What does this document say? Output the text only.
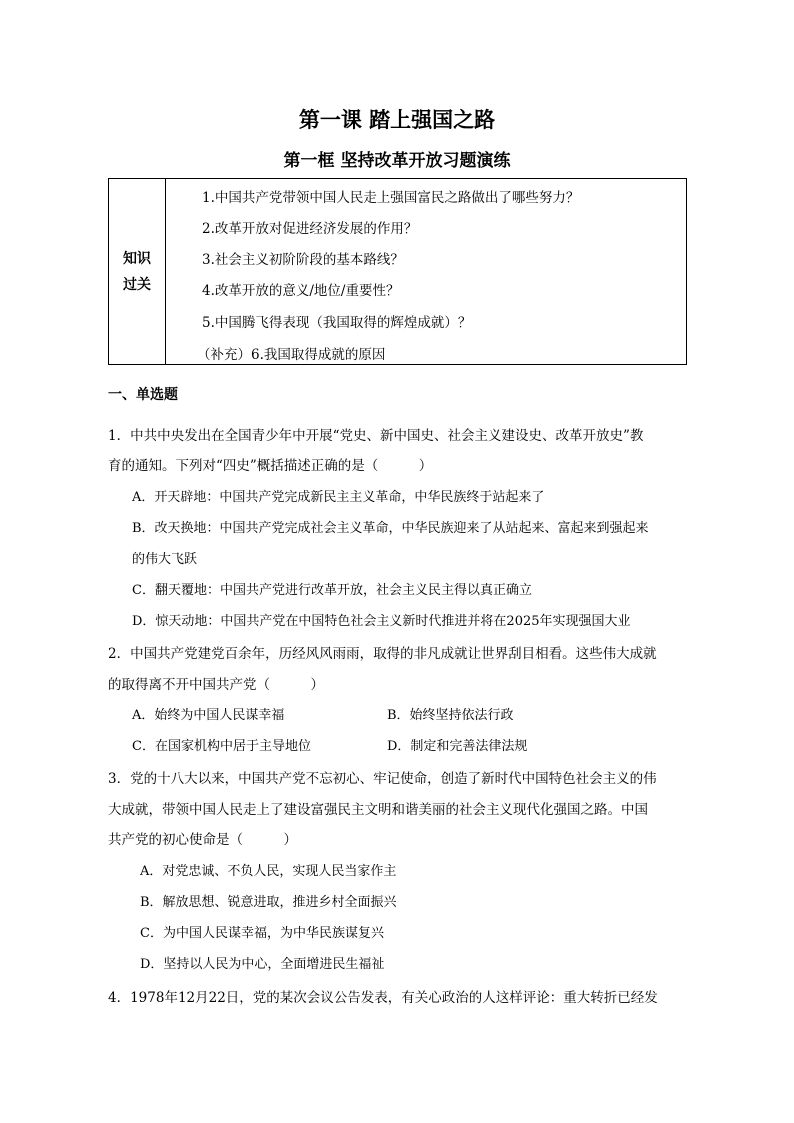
第一课 踏上强国之路
第一框 坚持改革开放习题演练
知识
过关
1.中国共产党带领中国人民走上强国富民之路做出了哪些努力？
2.改革开放对促进经济发展的作用？
3.社会主义初阶阶段的基本路线？
4.改革开放的意义/地位/重要性？
5.中国腾飞得表现（我国取得的辉煌成就）？
（补充）6.我国取得成就的原因
一、单选题
1．中共中央发出在全国青少年中开展“党史、新中国史、社会主义建设史、改革开放史”教
育的通知。下列对“四史”概括描述正确的是（　　　）
A．开天辟地：中国共产党完成新民主主义革命，中华民族终于站起来了
B．改天换地：中国共产党完成社会主义革命，中华民族迎来了从站起来、富起来到强起来
的伟大飞跃
C．翻天覆地：中国共产党进行改革开放，社会主义民主得以真正确立
D．惊天动地：中国共产党在中国特色社会主义新时代推进并将在2025年实现强国大业
2．中国共产党建党百余年，历经风风雨雨，取得的非凡成就让世界刮目相看。这些伟大成就
的取得离不开中国共产党（　　　）
A．始终为中国人民谋幸福	B．始终坚持依法行政
C．在国家机构中居于主导地位	D．制定和完善法律法规
3．党的十八大以来，中国共产党不忘初心、牢记使命，创造了新时代中国特色社会主义的伟
大成就，带领中国人民走上了建设富强民主文明和谐美丽的社会主义现代化强国之路。中国
共产党的初心使命是（　　　）
A．对党忠诚、不负人民，实现人民当家作主
B．解放思想、锐意进取，推进乡村全面振兴
C．为中国人民谋幸福，为中华民族谋复兴
D．坚持以人民为中心，全面增进民生福祉
4．1978年12月22日，党的某次会议公告发表，有关心政治的人这样评论：重大转折已经发
